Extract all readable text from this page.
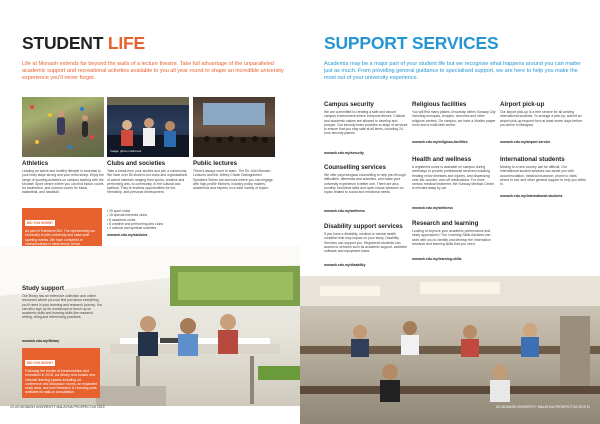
STUDENT LIFE
Life at Monash extends far beyond the walls of a lecture theatre. Take full advantage of the unparalleled academic support and recreational activities available to you all year round to shape an incredible university experience you'll never forget.
Image: photo credit text
Athletics
Leading an active and healthy lifestyle is essential to your body stays strong and your mind sharp. Enjoy the range of sporting activities on campus starting with the Monash Sport centre where you can find indoor courts for badminton, and outdoor courts for futsal, basketball, and handball.
Clubs and societies
Take a break from your studies and join a community. We have over 85 student-run clubs and organisations of varied interests ranging from sports, creative and performing arts, to community. In the cultural and spiritual. They're endless opportunities for fun, friendship, and personal development.
• 25 sport clubs
• 15 special interests clubs
• 8 academic clubs
• 8 creative and performing arts clubs
• 4 cultural and spiritual societies
monash.edu.my/sa/clubs
Public lectures
There's always more to learn. The Sir John Monash Lectures and the Jeffrey Cheah Distinguished Speakers Series are avenues where you can engage with high-profile thinkers, industry policy makers, academics and experts on a wide variety of topics.
DID YOU KNOW?
As part of Transform MU. The representing our University in inter-university and state-wide sporting events. We have competed in championships in table tennis, futsal,
Study support
Our library has an extensive collection and online resources where you can find just about everything you'll need in your learning and research journey. You can also sign up for workshops to brush up on academic skills and learning skills like research writing, citing and referencing practices.
monash.edu.my/library
DID YOU KNOW?
Following the results of transformation and renovation in 2018, our library now boasts new informal learning spaces including six conference and discussion rooms, an expanded study area, and new Research & Learning pods available for walk-in consultation.
10 UG MONASH UNIVERSITY MALAYSIA PROSPECTUS 2019
SUPPORT SERVICES
Academia may be a major part of your student life but we recognise what happens around you can matter just as much. From providing general guidance to specialised support, we are here to help you make the most out of your university experience.
Campus security
We are committed to creating a safe and secure campus environment where everyone thrives. Cultural and academic values are allowed to develop and prosper. Our security team provides a range of services to ensure that you stay safe at all times, including 24-hour security patrols.
monash.edu.my/security
Counselling services
We offer psychological counselling to help you through difficulties, dilemmas and anxieties, and make your university experience a better one. There are also monthly lunchtime talks and open-house sessions on topics related to social and emotional needs.
monash.edu.my/wellness
Disability support services
If you have a disability, medical or mental health condition that may impact on your study, Disability Services can support you. Registered students can access to services such as academic support, assistive software and equipment loans.
monash.edu.my/disability
Religious facilities
You will find many places of worship within Sunway City including mosques, temples, churches and other religious centres. On campus, we have a Muslim prayer room and a multi-faith centre.
monash.edu.my/religious-facilities
Health and wellness
A registered nurse is available on campus during weekdays to provide professional services including treating minor illnesses and injuries, and dispensing over-the-counter, over-off medications. For more serious medical treatment, the Sunway Medical Centre is minutes away by car.
monash.edu.my/wellness
Research and learning
Looking to improve your academic performance and study approaches? Our Learning Skills Advisers can work with you to identify and develop the information research and learning skills that you need.
monash.edu.my/learning-skills
Airport pick-up
Our airport pick-up is a free service for all arriving international students. To arrange a pick-up, submit an airport pick-up request form at least seven days before you arrive in Malaysia.
monash.edu.my/airport-service
International students
Moving to a new country can be difficult. Our International student advisors can assist you with accommodation, medical insurance, phone to visits where to eat, and other general support to help you settle in.
monash.edu.my/international-students
UG MONASH UNIVERSITY MALAYSIA PROSPECTUS 2019 11
